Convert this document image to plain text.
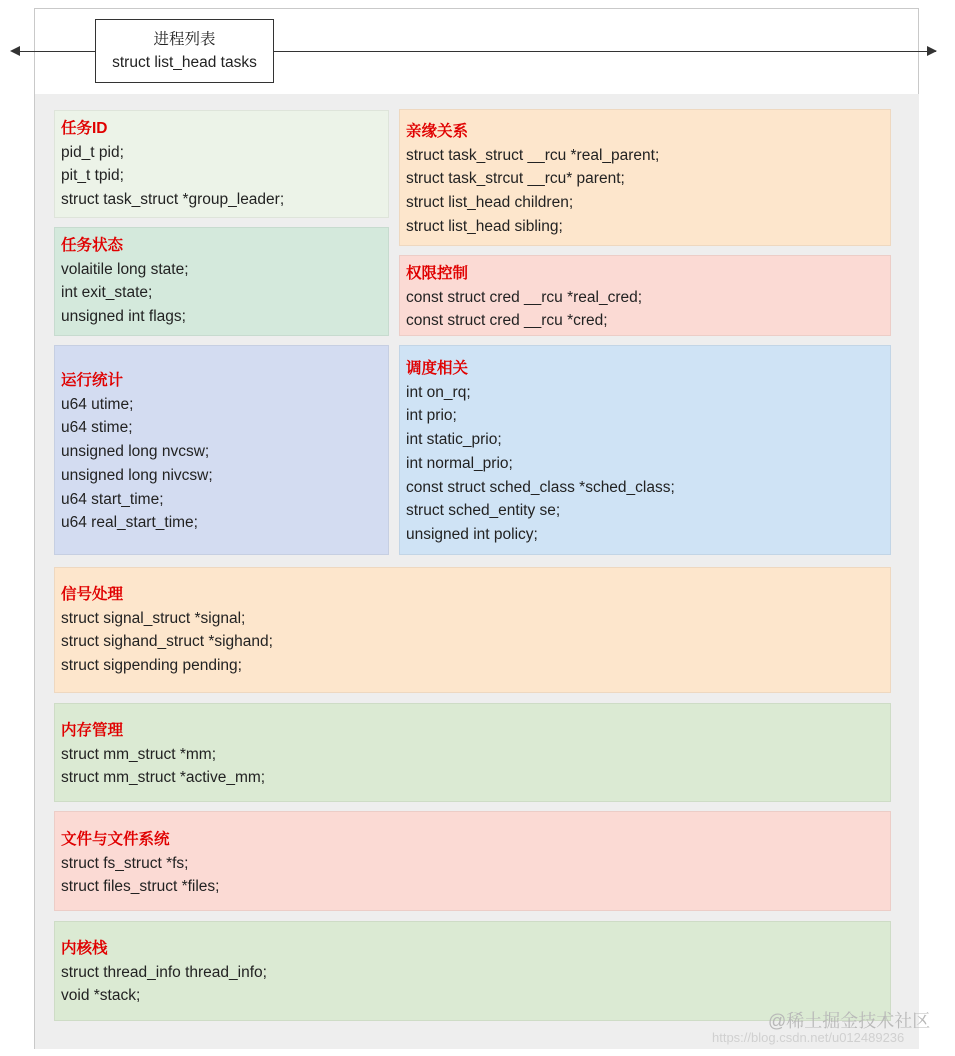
进程列表
struct list_head tasks
任务ID
pid_t pid;
pit_t tpid;
struct task_struct *group_leader;
任务状态
volaitile long state;
int exit_state;
unsigned int flags;
亲缘关系
struct task_struct __rcu *real_parent;
struct task_strcut __rcu* parent;
struct list_head children;
struct list_head sibling;
权限控制
const struct cred __rcu *real_cred;
const struct cred __rcu *cred;
运行统计
u64 utime;
u64 stime;
unsigned long nvcsw;
unsigned long nivcsw;
u64 start_time;
u64 real_start_time;
调度相关
int on_rq;
int prio;
int static_prio;
int normal_prio;
const struct sched_class *sched_class;
struct sched_entity se;
unsigned int policy;
信号处理
struct signal_struct *signal;
struct sighand_struct *sighand;
struct sigpending pending;
内存管理
struct mm_struct *mm;
struct mm_struct *active_mm;
文件与文件系统
struct fs_struct *fs;
struct files_struct *files;
内核栈
struct thread_info thread_info;
void *stack;
https://blog.csdn.net/u012489236
@稀土掘金技术社区
